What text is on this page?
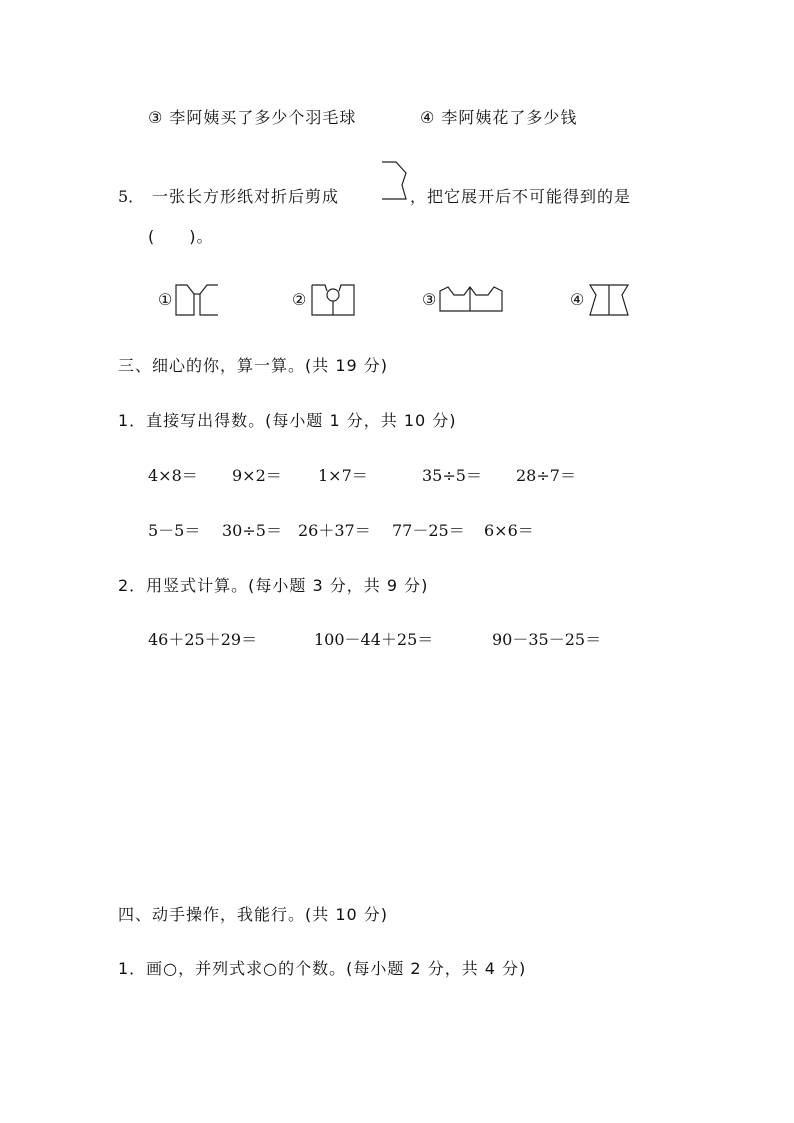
③ 李阿姨买了多少个羽毛球	④ 李阿姨花了多少钱
5． 一张长方形纸对折后剪成	，把它展开后不可能得到的是
(　　)。
①	②	③	④
三、细心的你，算一算。(共 19 分)
1．直接写出得数。(每小题 1 分，共 10 分)
4×8＝ 9×2＝ 1×7＝	35÷5＝ 28÷7＝
5－5＝ 30÷5＝ 26＋37＝ 77－25＝ 6×6＝
2．用竖式计算。(每小题 3 分，共 9 分)
46＋25＋29＝	100－44＋25＝	90－35－25＝
四、动手操作，我能行。(共 10 分)
1．画○，并列式求○的个数。(每小题 2 分，共 4 分)
